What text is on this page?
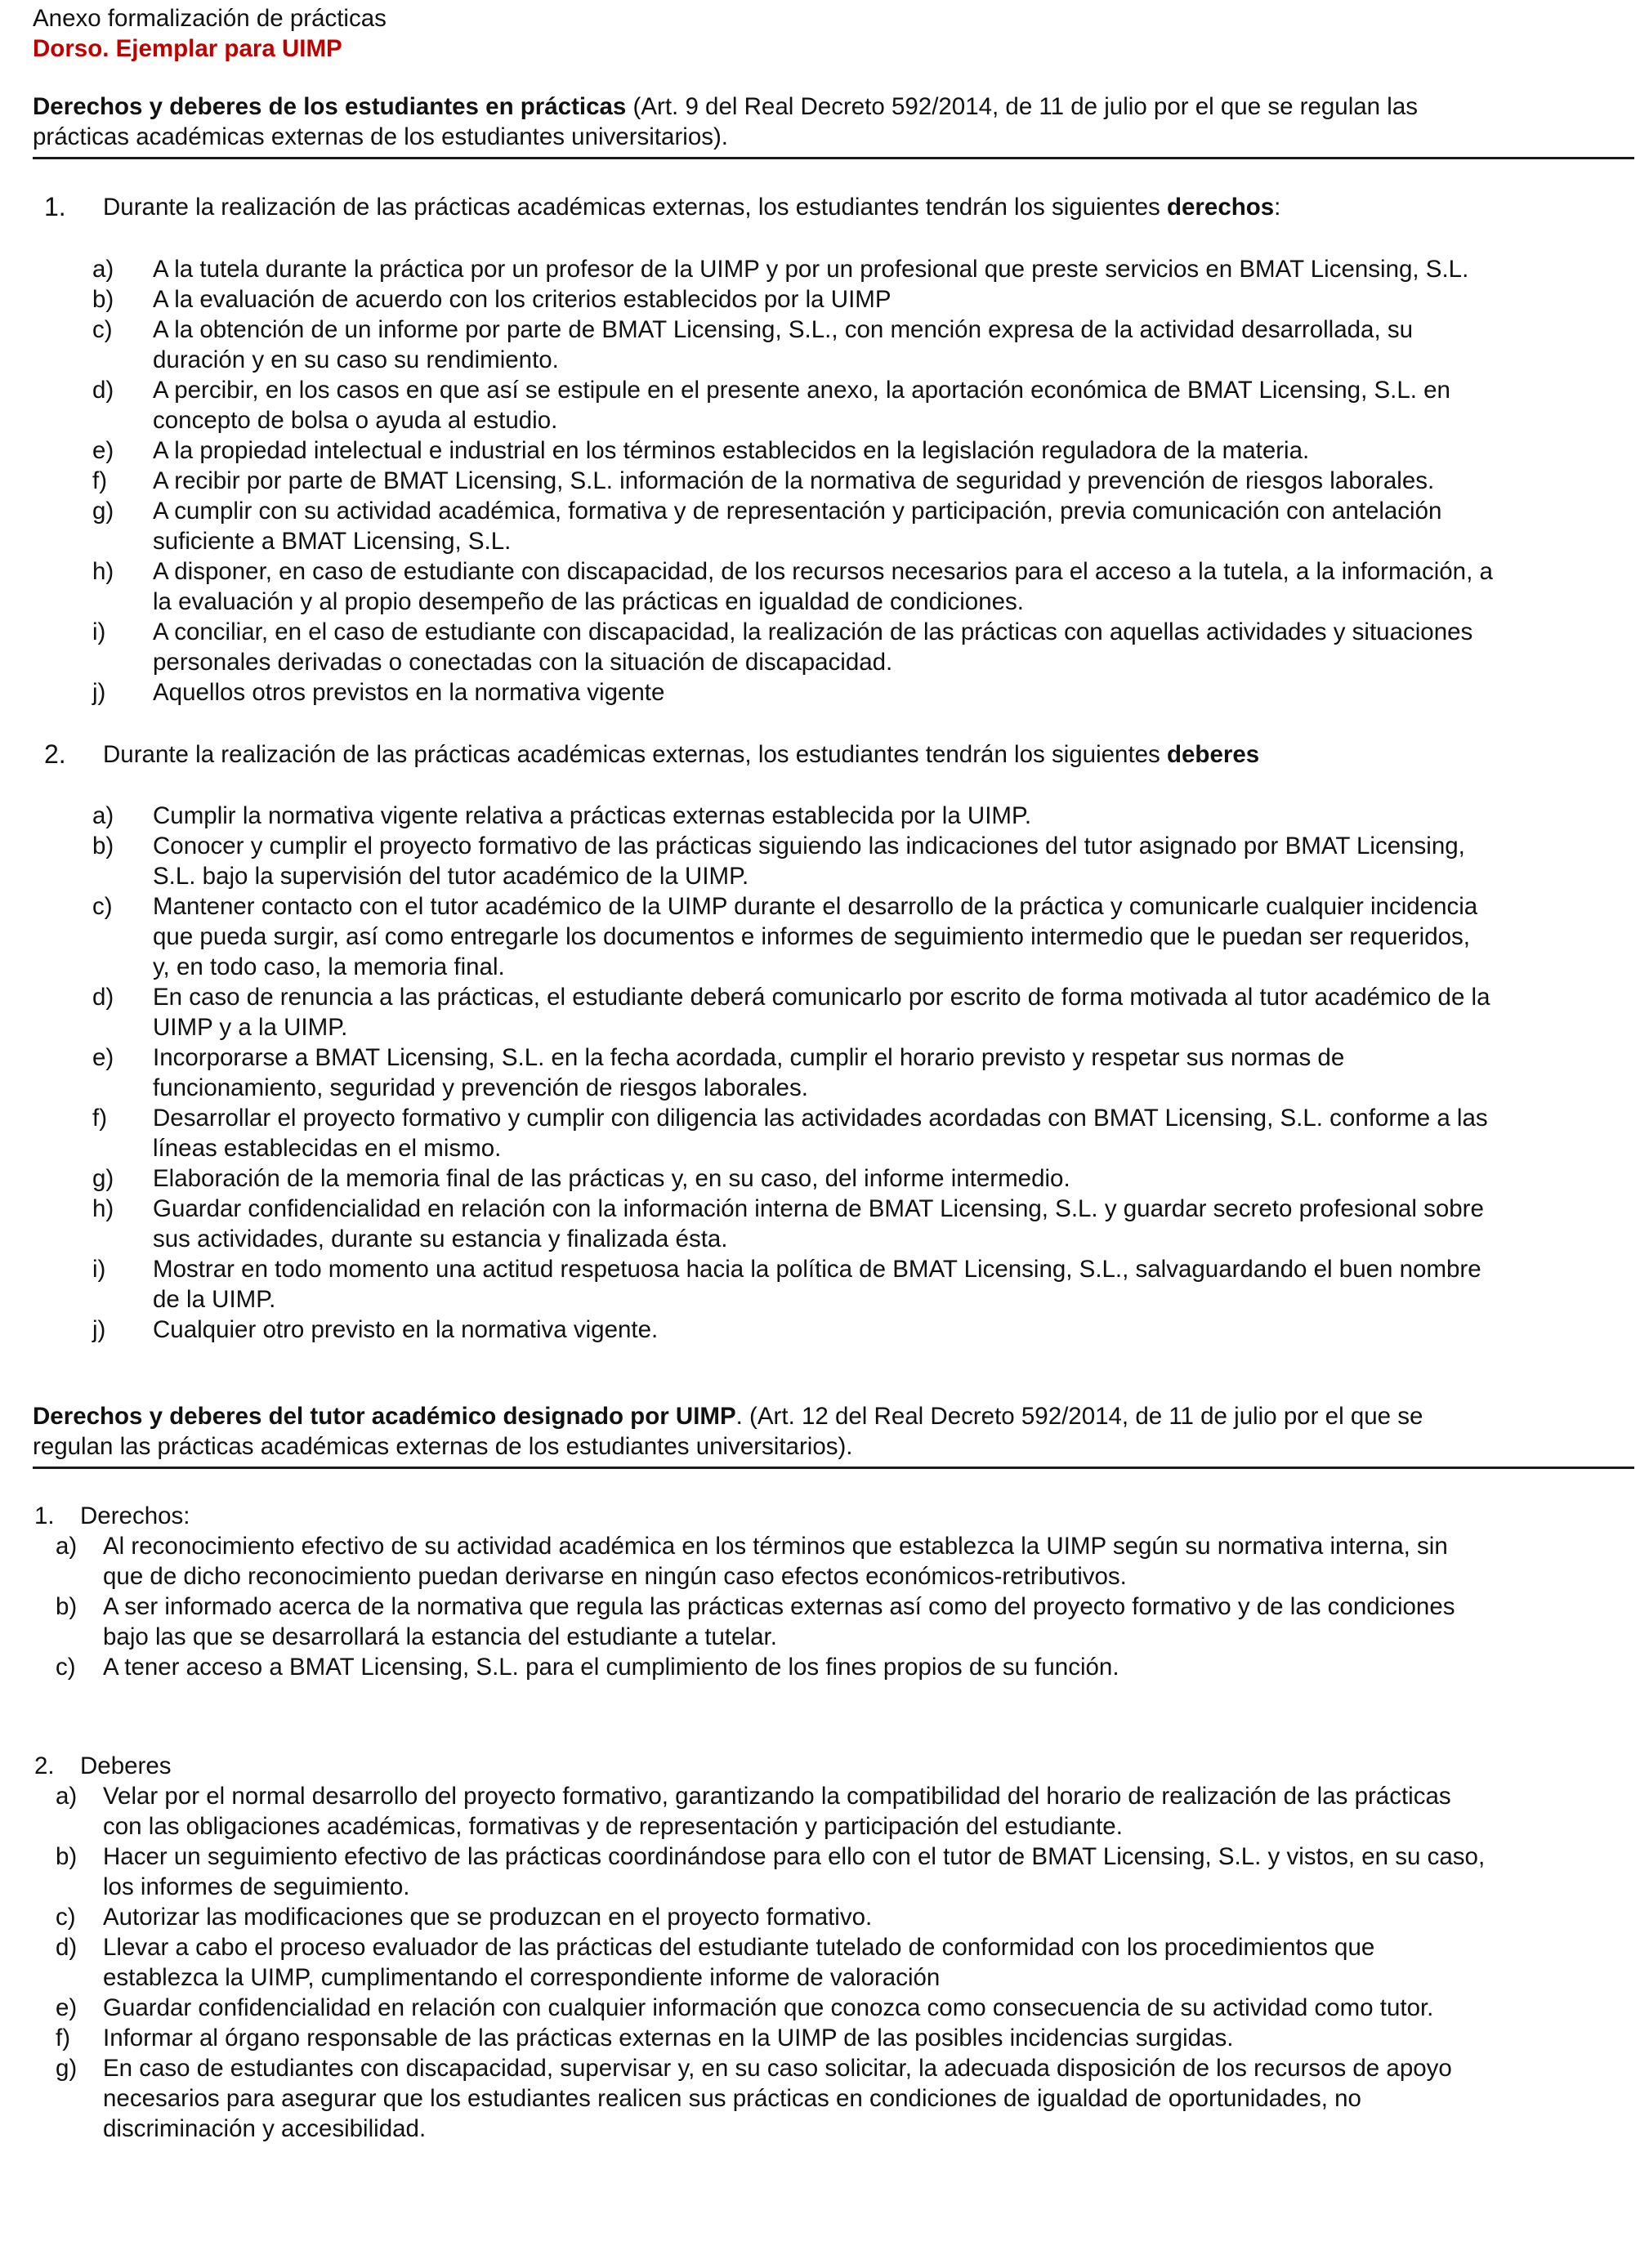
Anexo formalización de prácticas

Dorso. Ejemplar para UIMP

Derechos y deberes de los estudiantes en prácticas (Art. 9 del Real Decreto 592/2014, de 11 de julio por el que se regulan las

prácticas académicas externas de los estudiantes universitarios).

1. Durante la realización de las prácticas académicas externas, los estudiantes tendrán los siguientes derechos:
a) A la tutela durante la práctica por un profesor de la UIMP y por un profesional que preste servicios en BMAT Licensing, S.L.
b) A la evaluación de acuerdo con los criterios establecidos por la UIMP
c) A la obtención de un informe por parte de BMAT Licensing, S.L., con mención expresa de la actividad desarrollada, su
duración y en su caso su rendimiento.
d) A percibir, en los casos en que así se estipule en el presente anexo, la aportación económica de BMAT Licensing, S.L. en
concepto de bolsa o ayuda al estudio.
e) A la propiedad intelectual e industrial en los términos establecidos en la legislación reguladora de la materia.
f) A recibir por parte de BMAT Licensing, S.L. información de la normativa de seguridad y prevención de riesgos laborales.
g) A cumplir con su actividad académica, formativa y de representación y participación, previa comunicación con antelación
suficiente a BMAT Licensing, S.L.
h) A disponer, en caso de estudiante con discapacidad, de los recursos necesarios para el acceso a la tutela, a la información, a
la evaluación y al propio desempeño de las prácticas en igualdad de condiciones.
i) A conciliar, en el caso de estudiante con discapacidad, la realización de las prácticas con aquellas actividades y situaciones
personales derivadas o conectadas con la situación de discapacidad.
j) Aquellos otros previstos en la normativa vigente
2. Durante la realización de las prácticas académicas externas, los estudiantes tendrán los siguientes deberes
a) Cumplir la normativa vigente relativa a prácticas externas establecida por la UIMP.
b) Conocer y cumplir el proyecto formativo de las prácticas siguiendo las indicaciones del tutor asignado por BMAT Licensing,
S.L. bajo la supervisión del tutor académico de la UIMP.
c) Mantener contacto con el tutor académico de la UIMP durante el desarrollo de la práctica y comunicarle cualquier incidencia
que pueda surgir, así como entregarle los documentos e informes de seguimiento intermedio que le puedan ser requeridos,
y, en todo caso, la memoria final.
d) En caso de renuncia a las prácticas, el estudiante deberá comunicarlo por escrito de forma motivada al tutor académico de la
UIMP y a la UIMP.
e) Incorporarse a BMAT Licensing, S.L. en la fecha acordada, cumplir el horario previsto y respetar sus normas de
funcionamiento, seguridad y prevención de riesgos laborales.
f) Desarrollar el proyecto formativo y cumplir con diligencia las actividades acordadas con BMAT Licensing, S.L. conforme a las
líneas establecidas en el mismo.
g) Elaboración de la memoria final de las prácticas y, en su caso, del informe intermedio.
h) Guardar confidencialidad en relación con la información interna de BMAT Licensing, S.L. y guardar secreto profesional sobre
sus actividades, durante su estancia y finalizada ésta.
i) Mostrar en todo momento una actitud respetuosa hacia la política de BMAT Licensing, S.L., salvaguardando el buen nombre
de la UIMP.
j) Cualquier otro previsto en la normativa vigente.

Derechos y deberes del tutor académico designado por UIMP. (Art. 12 del Real Decreto 592/2014, de 11 de julio por el que se

regulan las prácticas académicas externas de los estudiantes universitarios).

1. Derechos:
a) Al reconocimiento efectivo de su actividad académica en los términos que establezca la UIMP según su normativa interna, sin
que de dicho reconocimiento puedan derivarse en ningún caso efectos económicos-retributivos.
b) A ser informado acerca de la normativa que regula las prácticas externas así como del proyecto formativo y de las condiciones
bajo las que se desarrollará la estancia del estudiante a tutelar.
c) A tener acceso a BMAT Licensing, S.L. para el cumplimiento de los fines propios de su función.
2. Deberes
a) Velar por el normal desarrollo del proyecto formativo, garantizando la compatibilidad del horario de realización de las prácticas
con las obligaciones académicas, formativas y de representación y participación del estudiante.
b) Hacer un seguimiento efectivo de las prácticas coordinándose para ello con el tutor de BMAT Licensing, S.L. y vistos, en su caso,
los informes de seguimiento.
c) Autorizar las modificaciones que se produzcan en el proyecto formativo.
d) Llevar a cabo el proceso evaluador de las prácticas del estudiante tutelado de conformidad con los procedimientos que
establezca la UIMP, cumplimentando el correspondiente informe de valoración
e) Guardar confidencialidad en relación con cualquier información que conozca como consecuencia de su actividad como tutor.
f) Informar al órgano responsable de las prácticas externas en la UIMP de las posibles incidencias surgidas.
g) En caso de estudiantes con discapacidad, supervisar y, en su caso solicitar, la adecuada disposición de los recursos de apoyo
necesarios para asegurar que los estudiantes realicen sus prácticas en condiciones de igualdad de oportunidades, no
discriminación y accesibilidad.
